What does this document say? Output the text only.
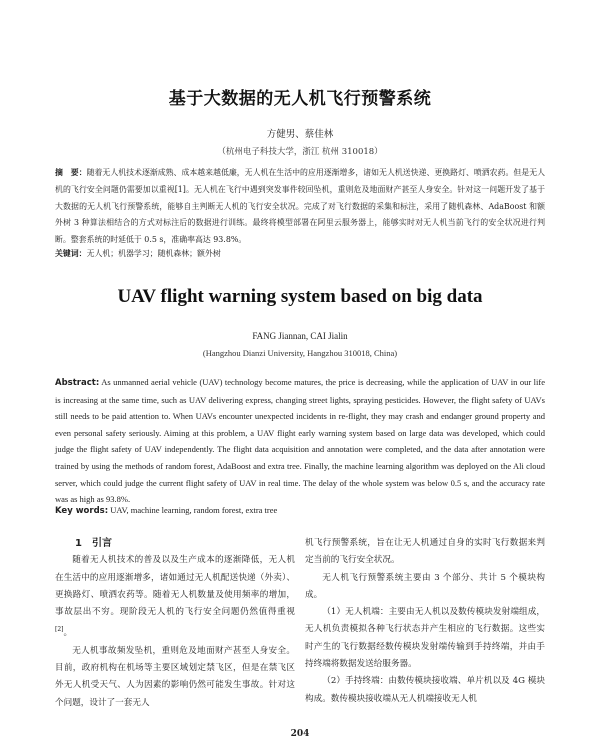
基于大数据的无人机飞行预警系统
方健男、蔡佳林
（杭州电子科技大学，浙江 杭州 310018）
摘　要：随着无人机技术逐渐成熟、成本越来越低廉，无人机在生活中的应用逐渐增多，诸如无人机送快递、更换路灯、喷洒农药。但是无人机的飞行安全问题仍需要加以重视[1]。无人机在飞行中遇到突发事件较回坠机，重则危及地面财产甚至人身安全。针对这一问题开发了基于大数据的无人机飞行预警系统，能够自主判断无人机的飞行安全状况。完成了对飞行数据的采集和标注，采用了随机森林、AdaBoost 和额外树 3 种算法相结合的方式对标注后的数据进行训练。最终将模型部署在阿里云服务器上，能够实时对无人机当前飞行的安全状况进行判断。整套系统的时延低于 0.5 s，准确率高达 93.8%。
关键词：无人机；机器学习；随机森林；额外树
UAV flight warning system based on big data
FANG Jiannan, CAI Jialin
(Hangzhou Dianzi University, Hangzhou 310018, China)
Abstract: As unmanned aerial vehicle (UAV) technology become matures, the price is decreasing, while the application of UAV in our life is increasing at the same time, such as UAV delivering express, changing street lights, spraying pesticides. However, the flight safety of UAVs still needs to be paid attention to. When UAVs encounter unexpected incidents in re-flight, they may crash and endanger ground property and even personal safety seriously. Aiming at this problem, a UAV flight early warning system based on large data was developed, which could judge the flight safety of UAV independently. The flight data acquisition and annotation were completed, and the data after annotation were trained by using the methods of random forest, AdaBoost and extra tree. Finally, the machine learning algorithm was deployed on the Ali cloud server, which could judge the current flight safety of UAV in real time. The delay of the whole system was below 0.5 s, and the accuracy rate was as high as 93.8%.
Key words: UAV, machine learning, random forest, extra tree

1　引言

随着无人机技术的普及以及生产成本的逐渐降低，无人机在生活中的应用逐渐增多，诸如通过无人机配送快递（外卖）、更换路灯、喷洒农药等。随着无人机数量及使用频率的增加，事故层出不穷。现阶段无人机的飞行安全问题仍然值得重视[2]。

无人机事故频发坠机，重则危及地面财产甚至人身安全。目前，政府机构在机场等主要区域划定禁飞区，但是在禁飞区外无人机受天气、人为因素的影响仍然可能发生事故。针对这个问题，设计了一套无人

机飞行预警系统，旨在让无人机通过自身的实时飞行数据来判定当前的飞行安全状况。

无人机飞行预警系统主要由 3 个部分、共计 5 个模块构成。

（1）无人机端：主要由无人机以及数传模块发射端组成，无人机负责模拟各种飞行状态并产生相应的飞行数据。这些实时产生的飞行数据经数传模块发射端传输到手持终端，并由手持终端将数据发送给服务器。

（2）手持终端：由数传模块接收端、单片机以及 4G 模块构成。数传模块接收端从无人机端接收无人机

204
